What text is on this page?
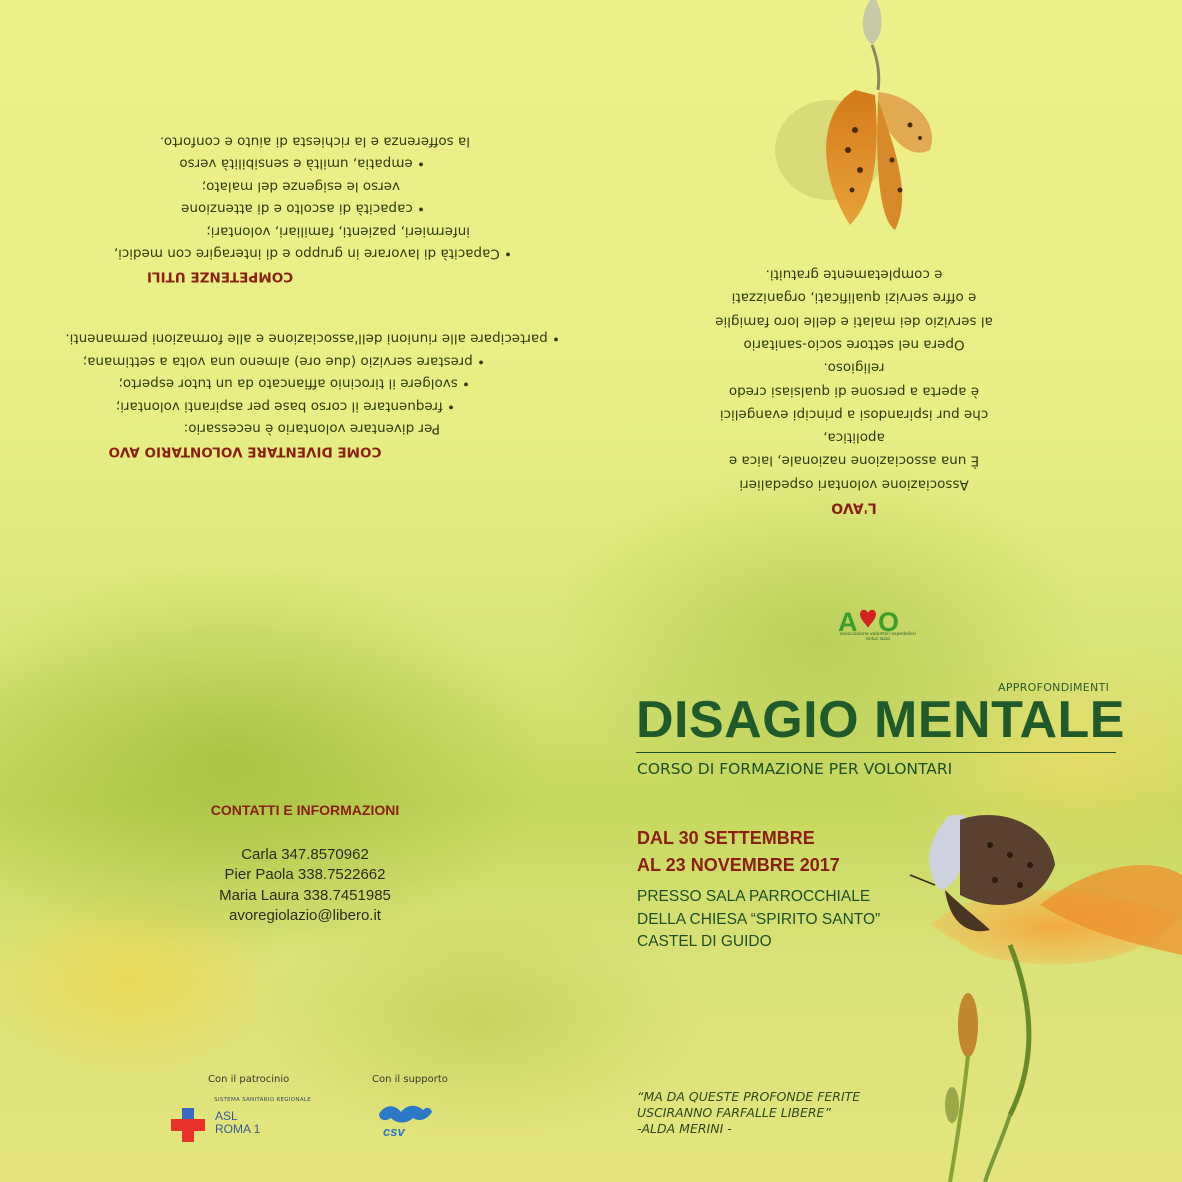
L'AVO
Associazione volontari ospedalieri
È una associazione nazionale, laica e apolitica,
che pur ispirandosi a principi evangelici
è aperta a persone di qualsiasi credo religioso.
Opera nel settore socio-sanitario
al servizio dei malati e delle loro famiglie
e offre servizi qualificati, organizzati
e completamente gratuiti.
COME DIVENTARE VOLONTARIO AVO
Per diventare volontario è necessario:
• frequentare il corso base per aspiranti volontari;
• svolgere il tirocinio affiancato da un tutor esperto;
• prestare servizio (due ore) almeno una volta a settimana;
• partecipare alle riunioni dell'associazione e alle formazioni permanenti.
COMPETENZE UTILI
• Capacità di lavorare in gruppo e di interagire con medici,
infermieri, pazienti, familiari, volontari;
• capacità di ascolto e di attenzione
verso le esigenze del malato;
• empatia, umiltà e sensibilità verso
la sofferenza e la richiesta di aiuto e conforto.
A O
associazione volontari ospedalieri onlus lazio
APPROFONDIMENTI
DISAGIO MENTALE
CORSO DI FORMAZIONE PER VOLONTARI
DAL 30 SETTEMBRE
AL 23 NOVEMBRE 2017
PRESSO SALA PARROCCHIALE
DELLA CHIESA “SPIRITO SANTO”
CASTEL DI GUIDO
“MA DA QUESTE PROFONDE FERITE
USCIRANNO FARFALLE LIBERE”
-ALDA MERINI -
CONTATTI E INFORMAZIONI
Carla 347.8570962
Pier Paola 338.7522662
Maria Laura 338.7451985
avoregiolazio@libero.it
Con il patrocinio	Con il supporto
SISTEMA SANITARIO REGIONALE
ASL
ROMA 1	csv
